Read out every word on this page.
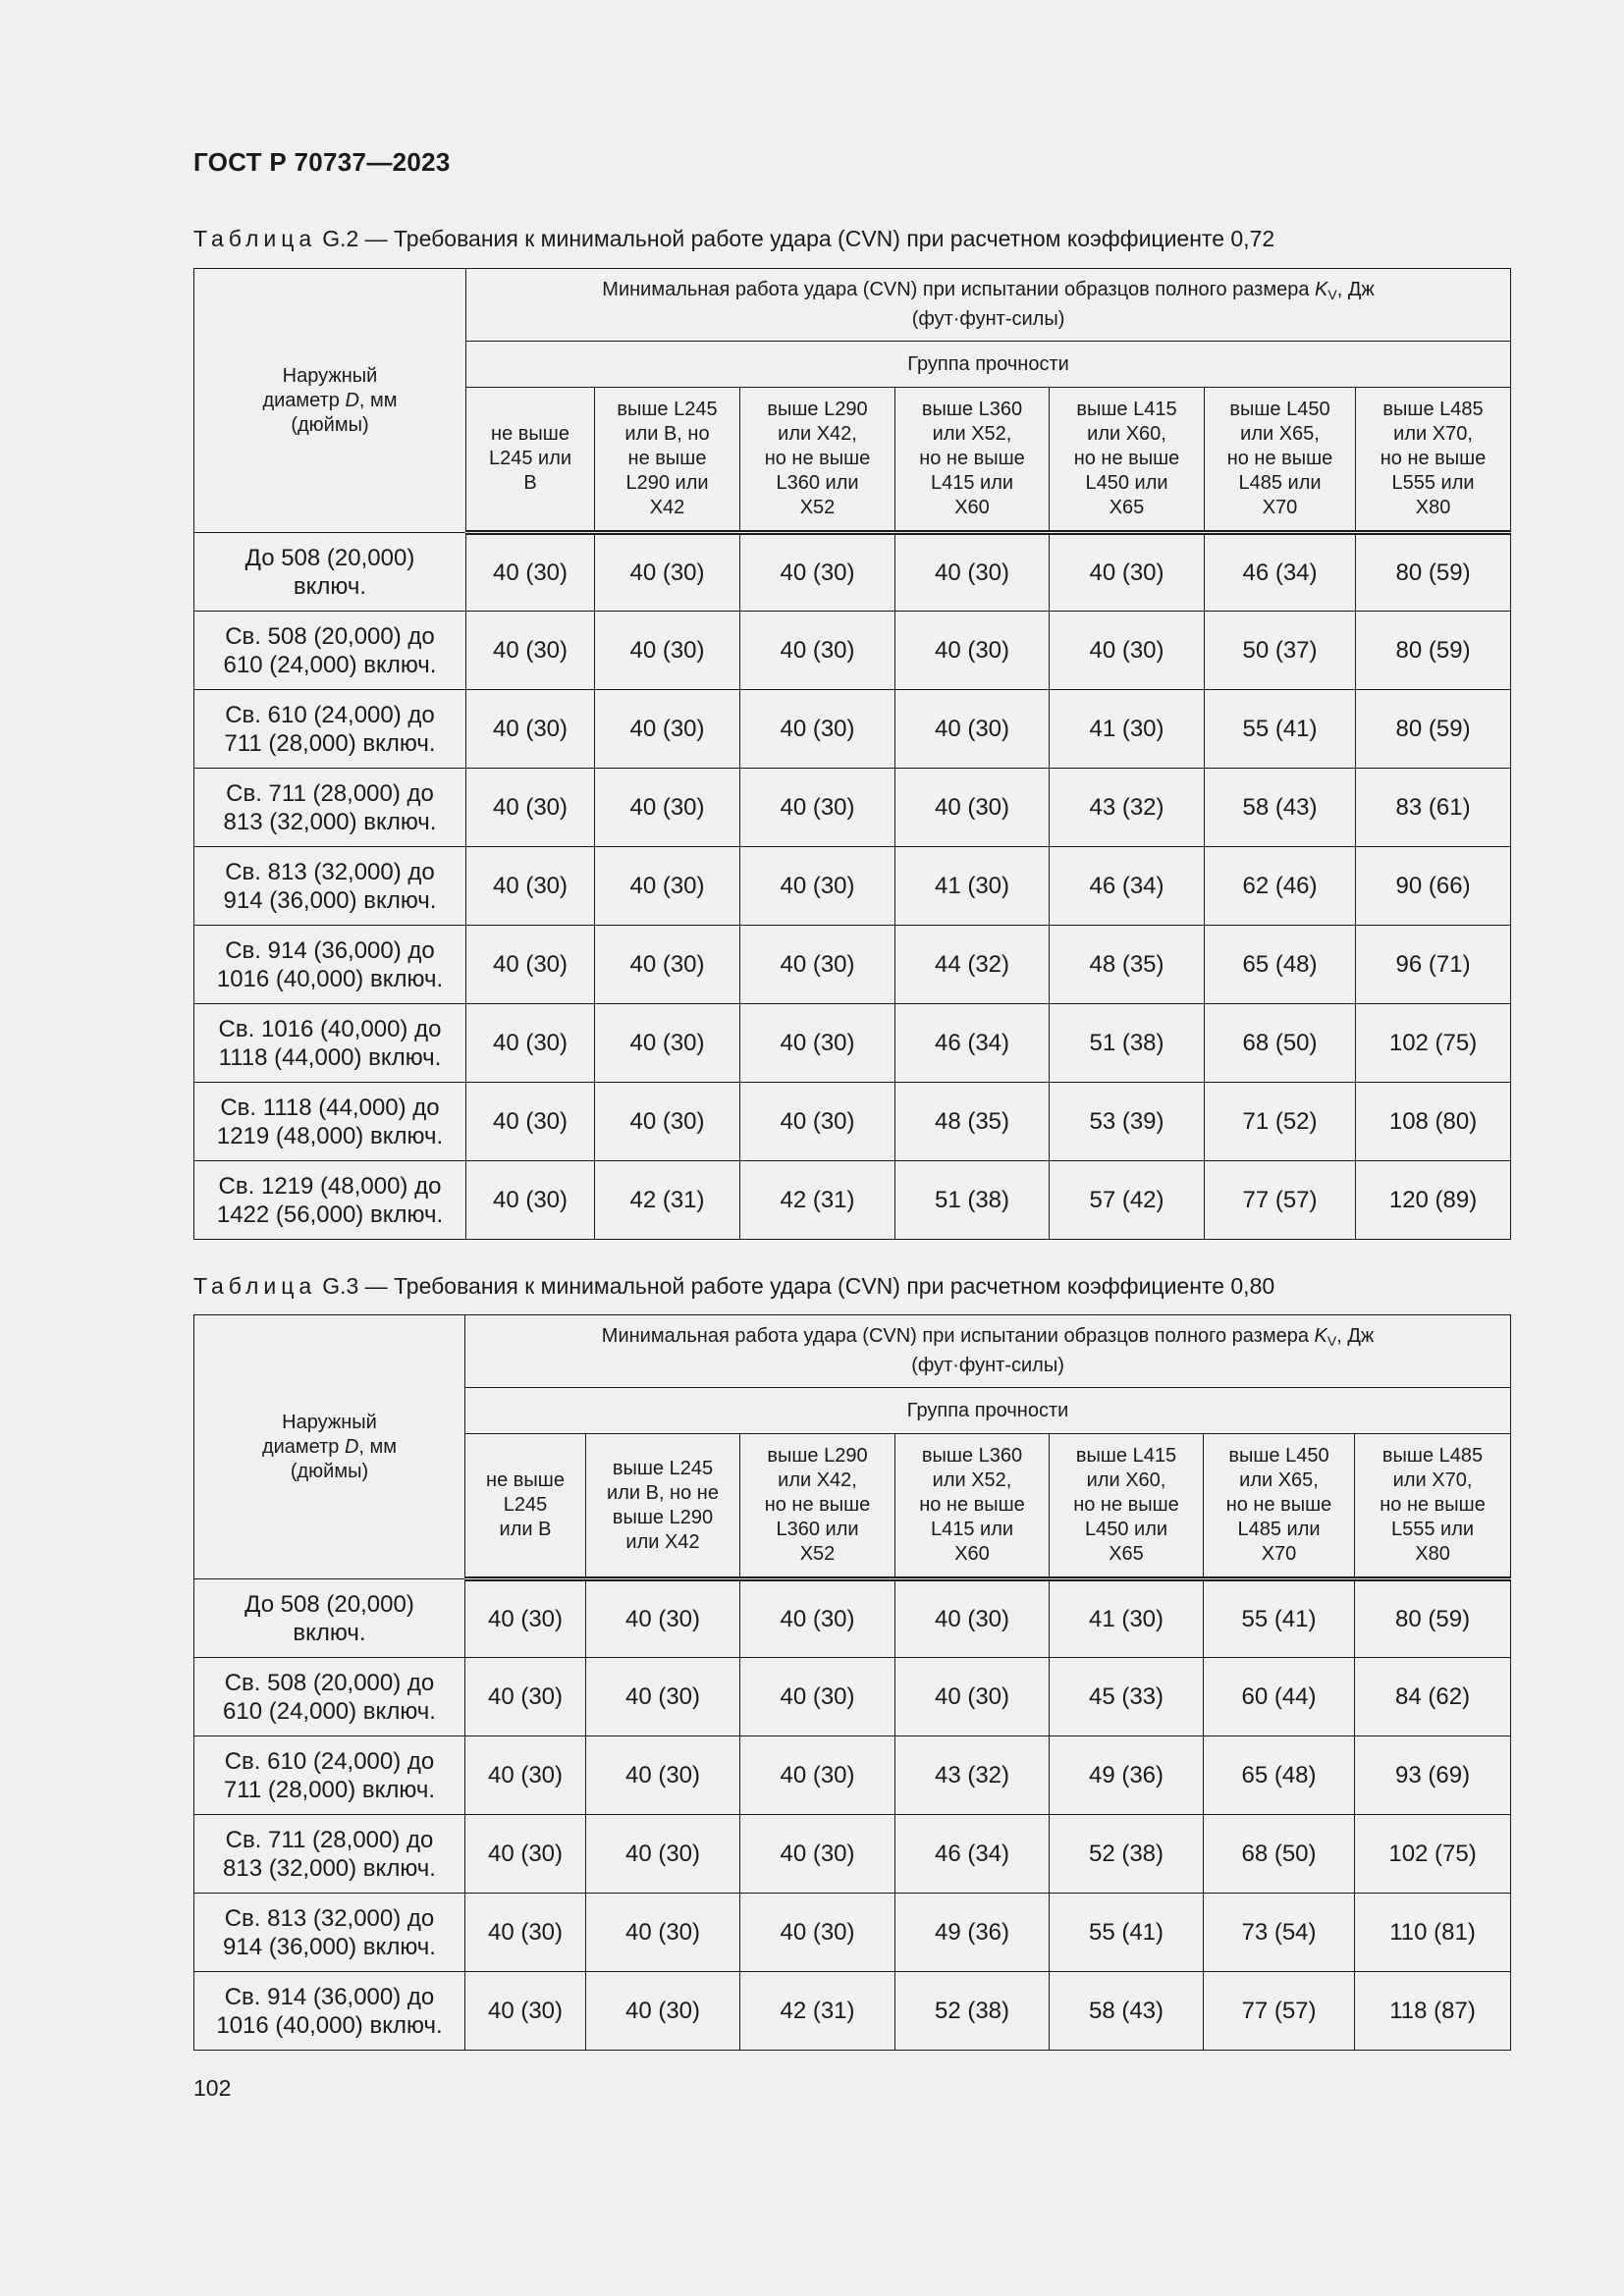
ГОСТ Р 70737—2023
Таблица G.2 — Требования к минимальной работе удара (CVN) при расчетном коэффициенте 0,72
Наружный
диаметр D, мм
(дюймы)	Минимальная работа удара (CVN) при испытании образцов полного размера $K_V$, Дж
(фут·фунт-силы)						
	Группа прочности						
	не выше
L245 или
B	выше L245
или B, но
не выше
L290 или
X42	выше L290
или X42,
но не выше
L360 или
X52	выше L360
или X52,
но не выше
L415 или
X60	выше L415
или X60,
но не выше
L450 или
X65	выше L450
или X65,
но не выше
L485 или
X70	выше L485
или X70,
но не выше
L555 или
X80
До 508 (20,000)
включ.	40 (30)	40 (30)	40 (30)	40 (30)	40 (30)	46 (34)	80 (59)
Св. 508 (20,000) до
610 (24,000) включ.	40 (30)	40 (30)	40 (30)	40 (30)	40 (30)	50 (37)	80 (59)
Св. 610 (24,000) до
711 (28,000) включ.	40 (30)	40 (30)	40 (30)	40 (30)	41 (30)	55 (41)	80 (59)
Св. 711 (28,000) до
813 (32,000) включ.	40 (30)	40 (30)	40 (30)	40 (30)	43 (32)	58 (43)	83 (61)
Св. 813 (32,000) до
914 (36,000) включ.	40 (30)	40 (30)	40 (30)	41 (30)	46 (34)	62 (46)	90 (66)
Св. 914 (36,000) до
1016 (40,000) включ.	40 (30)	40 (30)	40 (30)	44 (32)	48 (35)	65 (48)	96 (71)
Св. 1016 (40,000) до
1118 (44,000) включ.	40 (30)	40 (30)	40 (30)	46 (34)	51 (38)	68 (50)	102 (75)
Св. 1118 (44,000) до
1219 (48,000) включ.	40 (30)	40 (30)	40 (30)	48 (35)	53 (39)	71 (52)	108 (80)
Св. 1219 (48,000) до
1422 (56,000) включ.	40 (30)	42 (31)	42 (31)	51 (38)	57 (42)	77 (57)	120 (89)
Таблица G.3 — Требования к минимальной работе удара (CVN) при расчетном коэффициенте 0,80
Наружный
диаметр D, мм
(дюймы)	Минимальная работа удара (CVN) при испытании образцов полного размера $K_V$, Дж
(фут·фунт-силы)						
	Группа прочности						
	не выше
L245
или B	выше L245
или B, но не
выше L290
или X42	выше L290
или X42,
но не выше
L360 или
X52	выше L360
или X52,
но не выше
L415 или
X60	выше L415
или X60,
но не выше
L450 или
X65	выше L450
или X65,
но не выше
L485 или
X70	выше L485
или X70,
но не выше
L555 или
X80
До 508 (20,000)
включ.	40 (30)	40 (30)	40 (30)	40 (30)	41 (30)	55 (41)	80 (59)
Св. 508 (20,000) до
610 (24,000) включ.	40 (30)	40 (30)	40 (30)	40 (30)	45 (33)	60 (44)	84 (62)
Св. 610 (24,000) до
711 (28,000) включ.	40 (30)	40 (30)	40 (30)	43 (32)	49 (36)	65 (48)	93 (69)
Св. 711 (28,000) до
813 (32,000) включ.	40 (30)	40 (30)	40 (30)	46 (34)	52 (38)	68 (50)	102 (75)
Св. 813 (32,000) до
914 (36,000) включ.	40 (30)	40 (30)	40 (30)	49 (36)	55 (41)	73 (54)	110 (81)
Св. 914 (36,000) до
1016 (40,000) включ.	40 (30)	40 (30)	42 (31)	52 (38)	58 (43)	77 (57)	118 (87)
102
